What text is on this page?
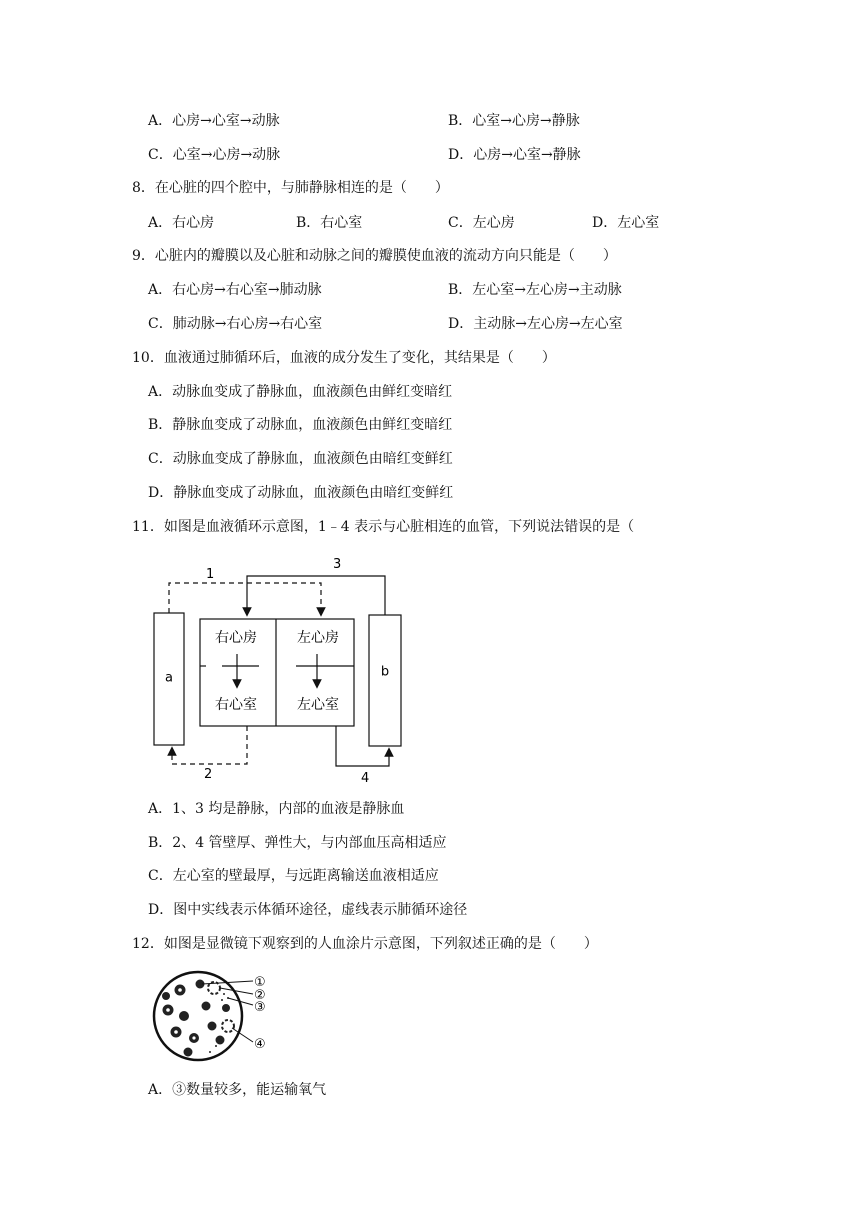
A．心房→心室→动脉	B．心室→心房→静脉
C．心室→心房→动脉	D．心房→心室→静脉
8．在心脏的四个腔中，与肺静脉相连的是（　　）
A．右心房	B．右心室	C．左心房	D．左心室
9．心脏内的瓣膜以及心脏和动脉之间的瓣膜使血液的流动方向只能是（　　）
A．右心房→右心室→肺动脉	B．左心室→左心房→主动脉
C．肺动脉→右心房→右心室	D．主动脉→左心房→左心室
10．血液通过肺循环后，血液的成分发生了变化，其结果是（　　）
A．动脉血变成了静脉血，血液颜色由鲜红变暗红
B．静脉血变成了动脉血，血液颜色由鲜红变暗红
C．动脉血变成了静脉血，血液颜色由暗红变鲜红
D．静脉血变成了动脉血，血液颜色由暗红变鲜红
11．如图是血液循环示意图，1﹣4 表示与心脏相连的血管，下列说法错误的是（
a	b
右心房	左心房
右心室	左心室
1
3
2	4
A．1、3 均是静脉，内部的血液是静脉血
B．2、4 管壁厚、弹性大，与内部血压高相适应
C．左心室的壁最厚，与远距离输送血液相适应
D．图中实线表示体循环途径，虚线表示肺循环途径
12．如图是显微镜下观察到的人血涂片示意图，下列叙述正确的是（　　）
①
②
③
④
A．③数量较多，能运输氧气
